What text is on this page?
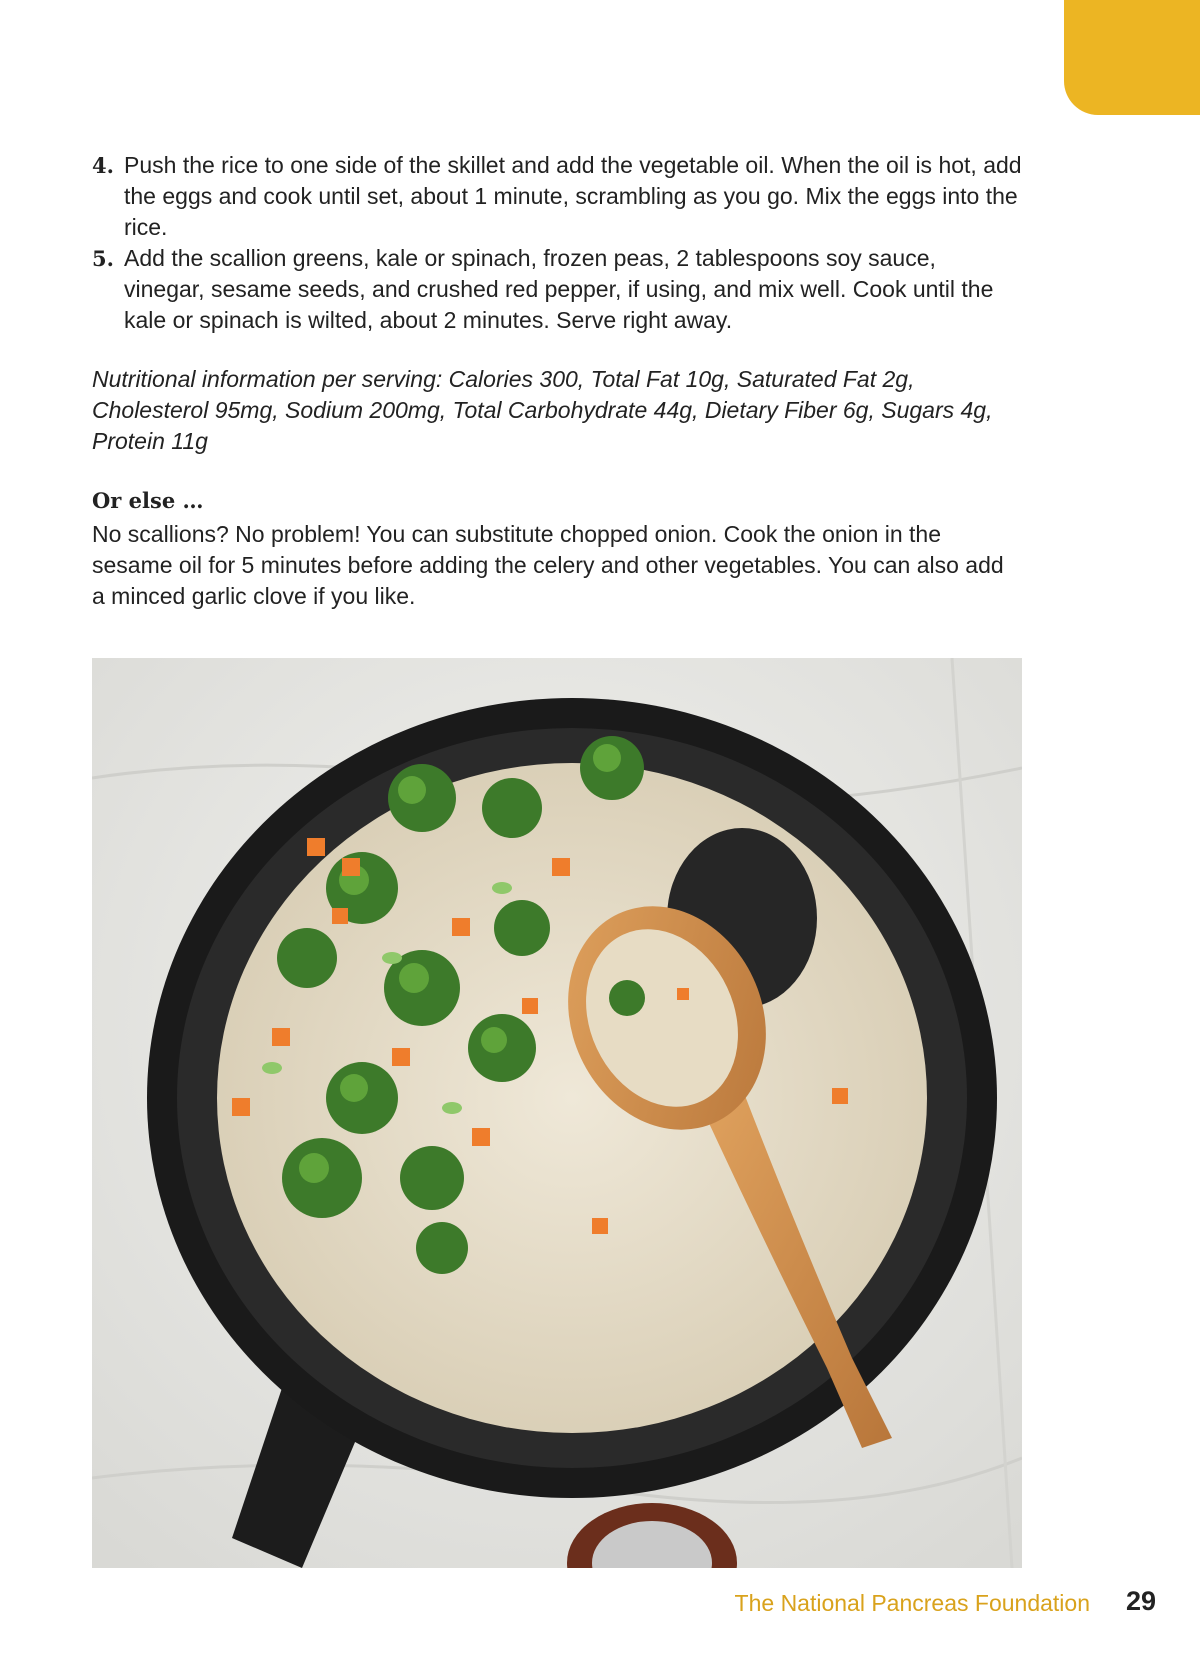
4. Push the rice to one side of the skillet and add the vegetable oil. When the oil is hot, add the eggs and cook until set, about 1 minute, scrambling as you go. Mix the eggs into the rice.
5. Add the scallion greens, kale or spinach, frozen peas, 2 tablespoons soy sauce, vinegar, sesame seeds, and crushed red pepper, if using, and mix well. Cook until the kale or spinach is wilted, about 2 minutes. Serve right away.
Nutritional information per serving: Calories 300, Total Fat 10g, Saturated Fat 2g, Cholesterol 95mg, Sodium 200mg, Total Carbohydrate 44g, Dietary Fiber 6g, Sugars 4g, Protein 11g
Or else …
No scallions? No problem! You can substitute chopped onion. Cook the onion in the sesame oil for 5 minutes before adding the celery and other vegetables. You can also add a minced garlic clove if you like.
The National Pancreas Foundation 29
